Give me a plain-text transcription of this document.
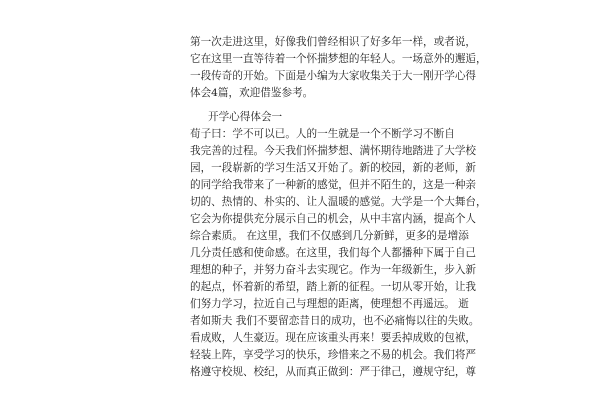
第一次走进这里，好像我们曾经相识了好多年一样，或者说，
它在这里一直等待着一个怀揣梦想的年轻人。一场意外的邂逅，
一段传奇的开始。下面是小编为大家收集关于大一刚开学心得
体会4篇，欢迎借鉴参考。
开学心得体会一
荀子曰：学不可以已。人的一生就是一个不断学习不断自
我完善的过程。今天我们怀揣梦想、满怀期待地踏进了大学校
园，一段崭新的学习生活又开始了。新的校园，新的老师，新
的同学给我带来了一种新的感觉，但并不陌生的，这是一种亲
切的、热情的、朴实的、让人温暖的感觉。大学是一个大舞台，
它会为你提供充分展示自己的机会，从中丰富内涵，提高个人
综合素质。 在这里，我们不仅感到几分新鲜，更多的是增添
几分责任感和使命感。在这里，我们每个人都播种下属于自己
理想的种子，并努力奋斗去实现它。作为一年级新生，步入新
的起点，怀着新的希望，踏上新的征程。一切从零开始，让我
们努力学习，拉近自己与理想的距离，使理想不再遥远。 逝
者如斯夫 我们不要留恋昔日的成功，也不必痛悔以往的失败。
看成败，人生豪迈。现在应该重头再来！要丢掉成败的包袱，
轻装上阵，享受学习的快乐，珍惜来之不易的机会。我们将严
格遵守校规、校纪，从而真正做到：严于律己，遵规守纪，尊
